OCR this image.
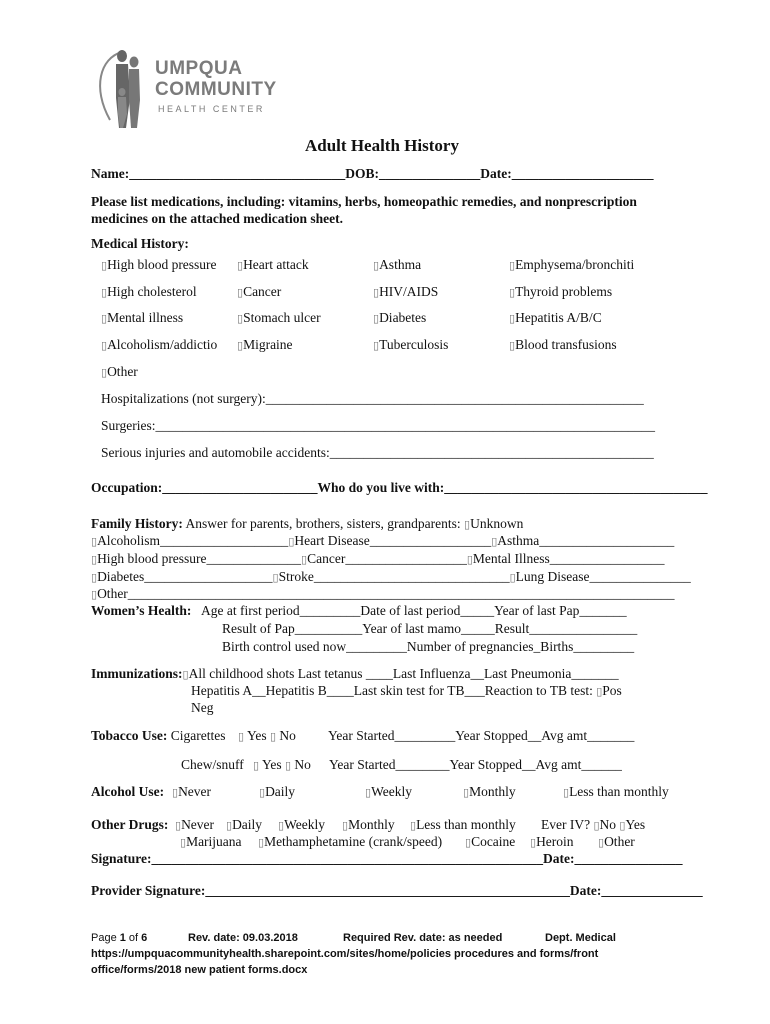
UMPQUA
COMMUNITY
HEALTH CENTER
Adult Health History
Name:________________________________DOB:_______________Date:_____________________
Please list medications, including: vitamins, herbs, homeopathic remedies, and nonprescription medicines on the attached medication sheet.
Medical History:
▯High blood pressure ▯Heart attack	▯Asthma	▯Emphysema/bronchiti
▯High cholesterol	▯Cancer	▯HIV/AIDS	▯Thyroid problems
▯Mental illness	▯Stomach ulcer	▯Diabetes	▯Hepatitis A/B/C
▯Alcoholism/addictio ▯Migraine	▯Tuberculosis	▯Blood transfusions
▯Other
Hospitalizations (not surgery):________________________________________________________
Surgeries:__________________________________________________________________________
Serious injuries and automobile accidents:________________________________________________
Occupation:_______________________Who do you live with:_______________________________________
Family History: Answer for parents, brothers, sisters, grandparents: ▯Unknown
▯Alcoholism___________________▯Heart Disease__________________▯Asthma____________________
▯High blood pressure______________▯Cancer__________________▯Mental Illness_________________
▯Diabetes___________________▯Stroke_____________________________▯Lung Disease_______________
▯Other_________________________________________________________________________________
Women’s Health: Age at first period_________Date of last period_____Year of last Pap_______
Result of Pap__________Year of last mamo_____Result________________
Birth control used now_________Number of pregnancies_Births_________
Immunizations:▯All childhood shots Last tetanus ____Last Influenza__Last Pneumonia_______
Hepatitis A__Hepatitis B____Last skin test for TB___Reaction to TB test: ▯Pos
Neg
Tobacco Use: Cigarettes ▯ Yes ▯ No Year Started_________Year Stopped__Avg amt_______
Chew/snuff ▯ Yes ▯ No Year Started________Year Stopped__Avg amt______
Alcohol Use: ▯Never	▯Daily	▯Weekly	▯Monthly	▯Less than monthly
Other Drugs: ▯Never ▯Daily ▯Weekly ▯Monthly ▯Less than monthly Ever IV? ▯No ▯Yes
▯Marijuana ▯Methamphetamine (crank/speed) ▯Cocaine ▯Heroin ▯Other
Signature:__________________________________________________________Date:________________
Provider Signature:______________________________________________________Date:_______________
Page 1 of 6	Rev. date: 09.03.2018	Required Rev. date: as needed	Dept. Medical
https://umpquacommunityhealth.sharepoint.com/sites/home/policies procedures and forms/front
office/forms/2018 new patient forms.docx
